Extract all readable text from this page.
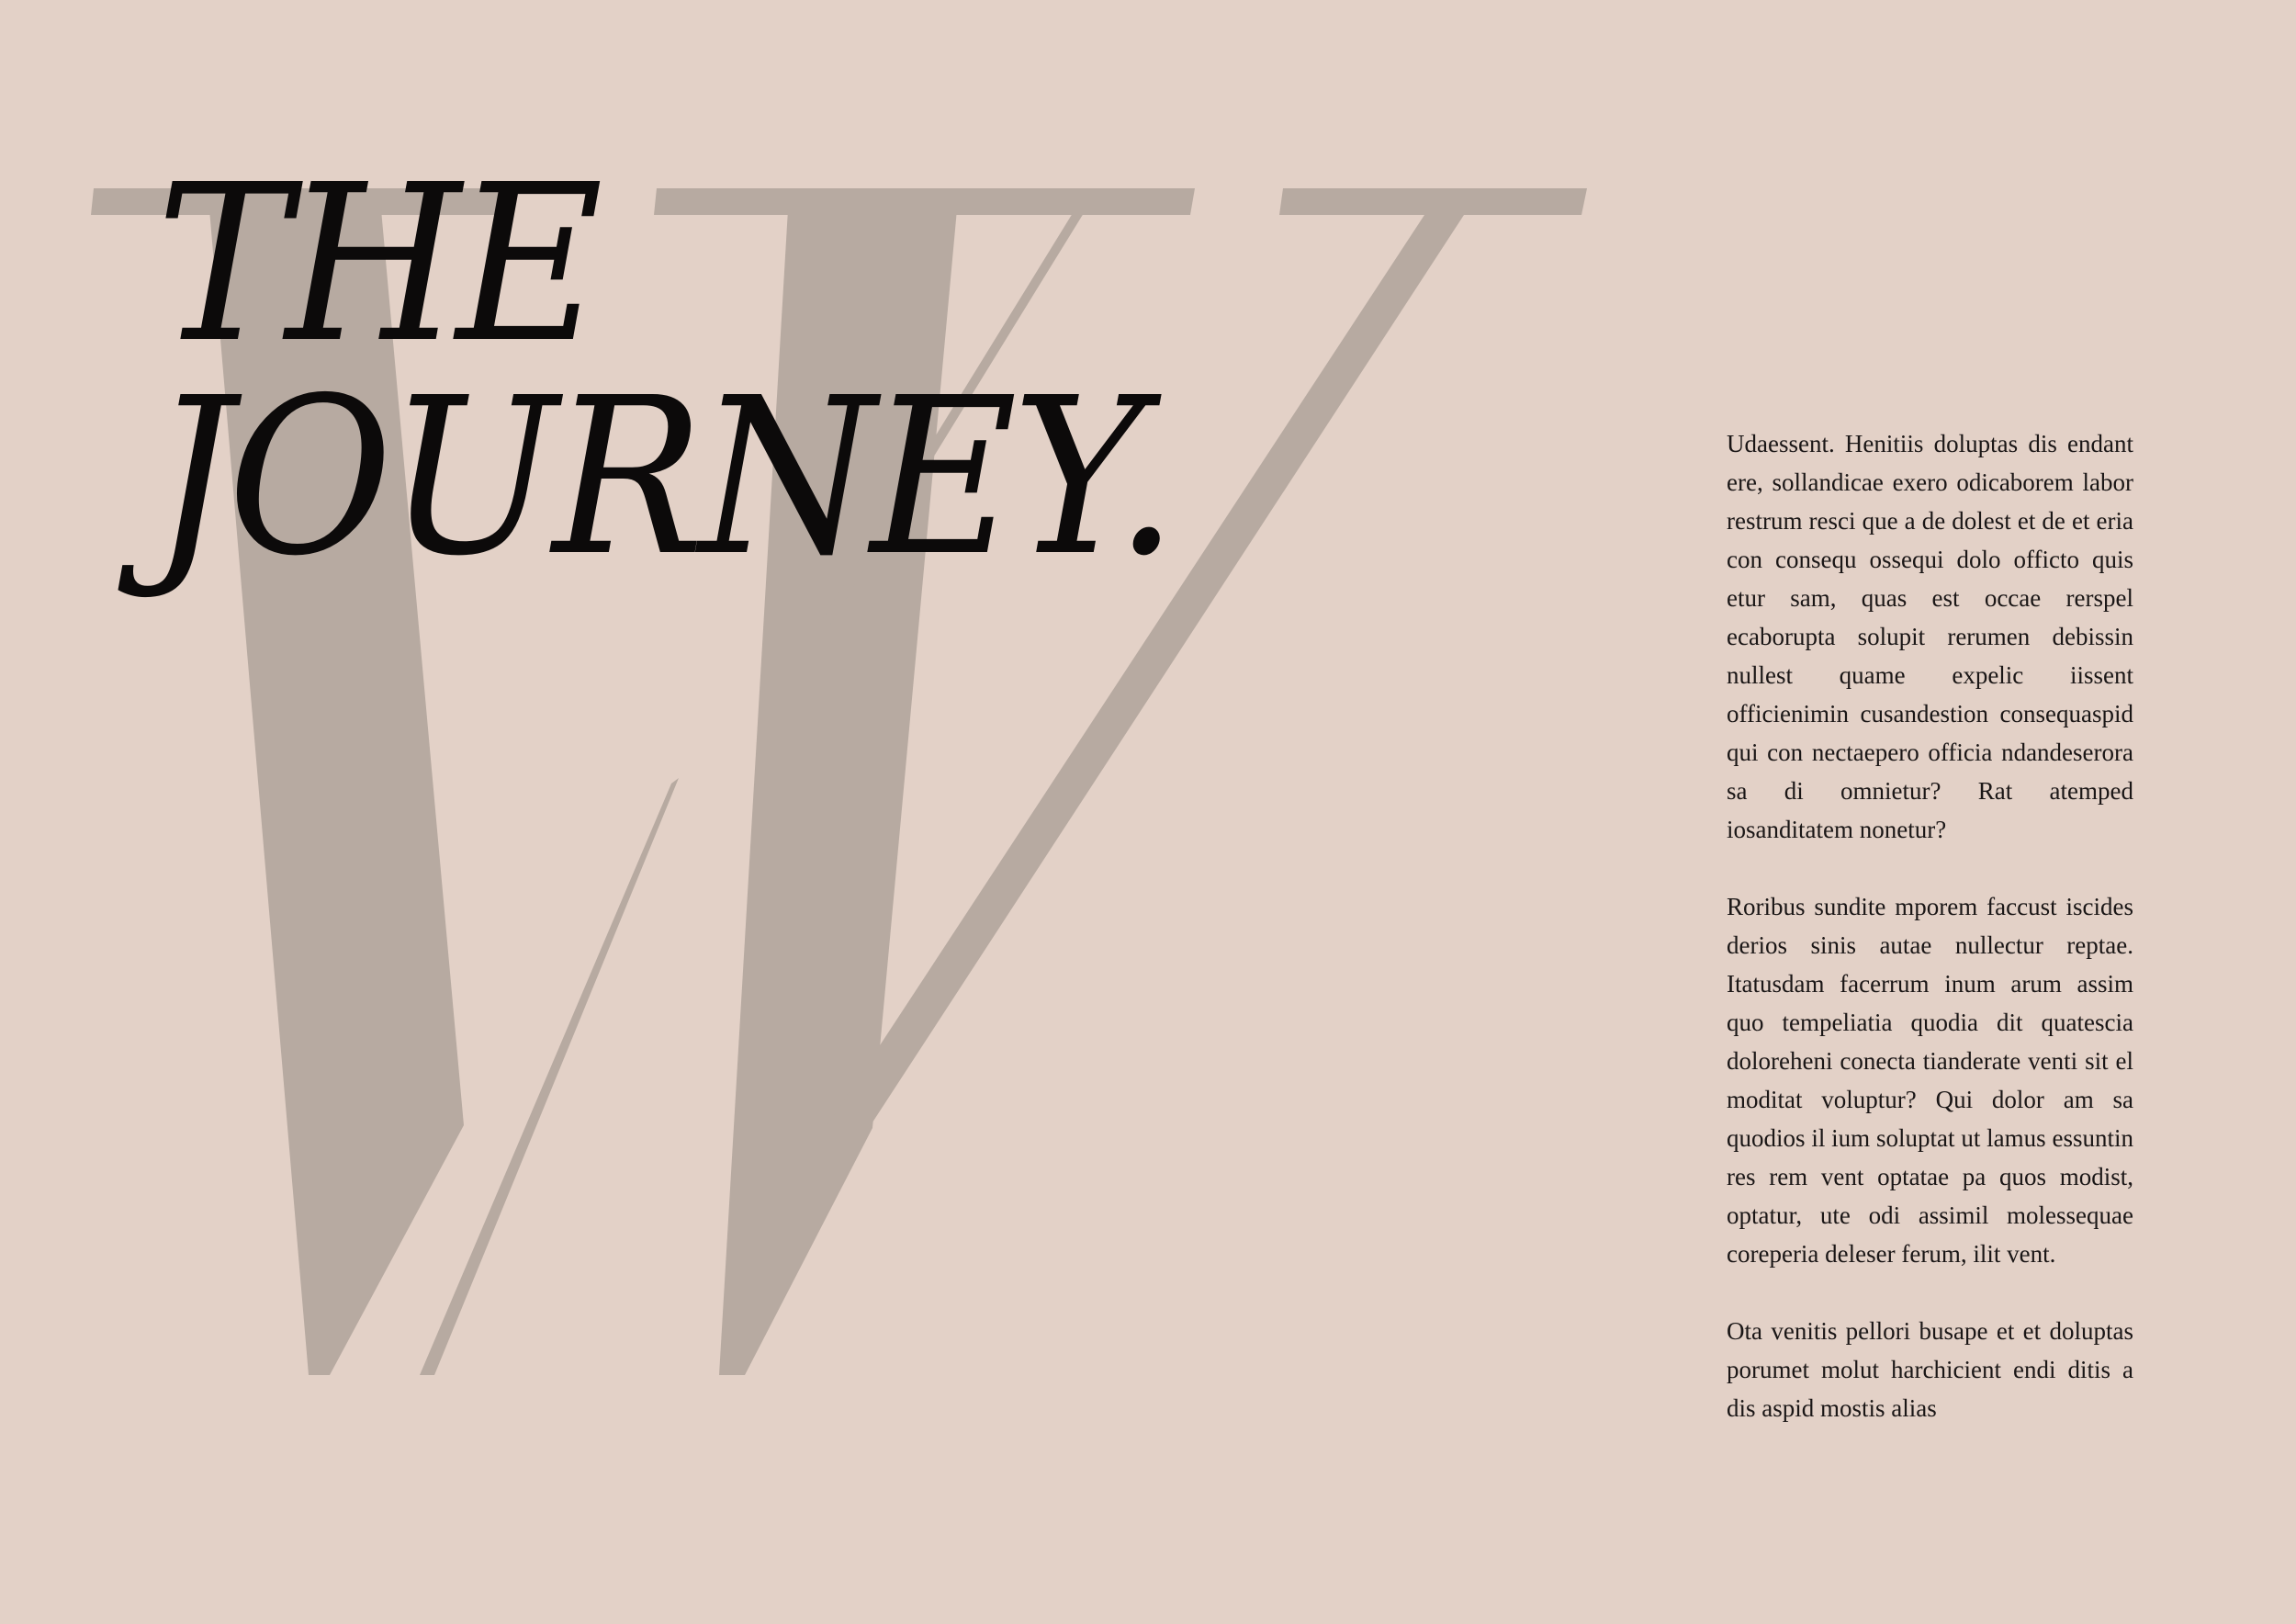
THE
JOURNEY.	Udaessent. Henitiis doluptas dis endant ere, sollandicae exero odicaborem labor restrum resci que a de dolest et de et eria con consequ ossequi dolo officto quis etur sam, quas est occae rerspel ecaborupta solupit rerumen debissin nullest quame expelic iissent officienimin cusandestion consequaspid qui con nectaepero officia ndandeserora sa di omnietur? Rat atemped iosanditatem nonetur?

Roribus sundite mporem faccust iscides derios sinis autae nullectur reptae. Itatusdam facerrum inum arum assim quo tempeliatia quodia dit quatescia doloreheni conecta tianderate venti sit el moditat voluptur? Qui dolor am sa quodios il ium soluptat ut lamus essuntin res rem vent optatae pa quos modist, optatur, ute odi assimil molessequae coreperia deleser ferum, ilit vent.

Ota venitis pellori busape et et doluptas porumet molut harchicient endi ditis a dis aspid mostis alias
